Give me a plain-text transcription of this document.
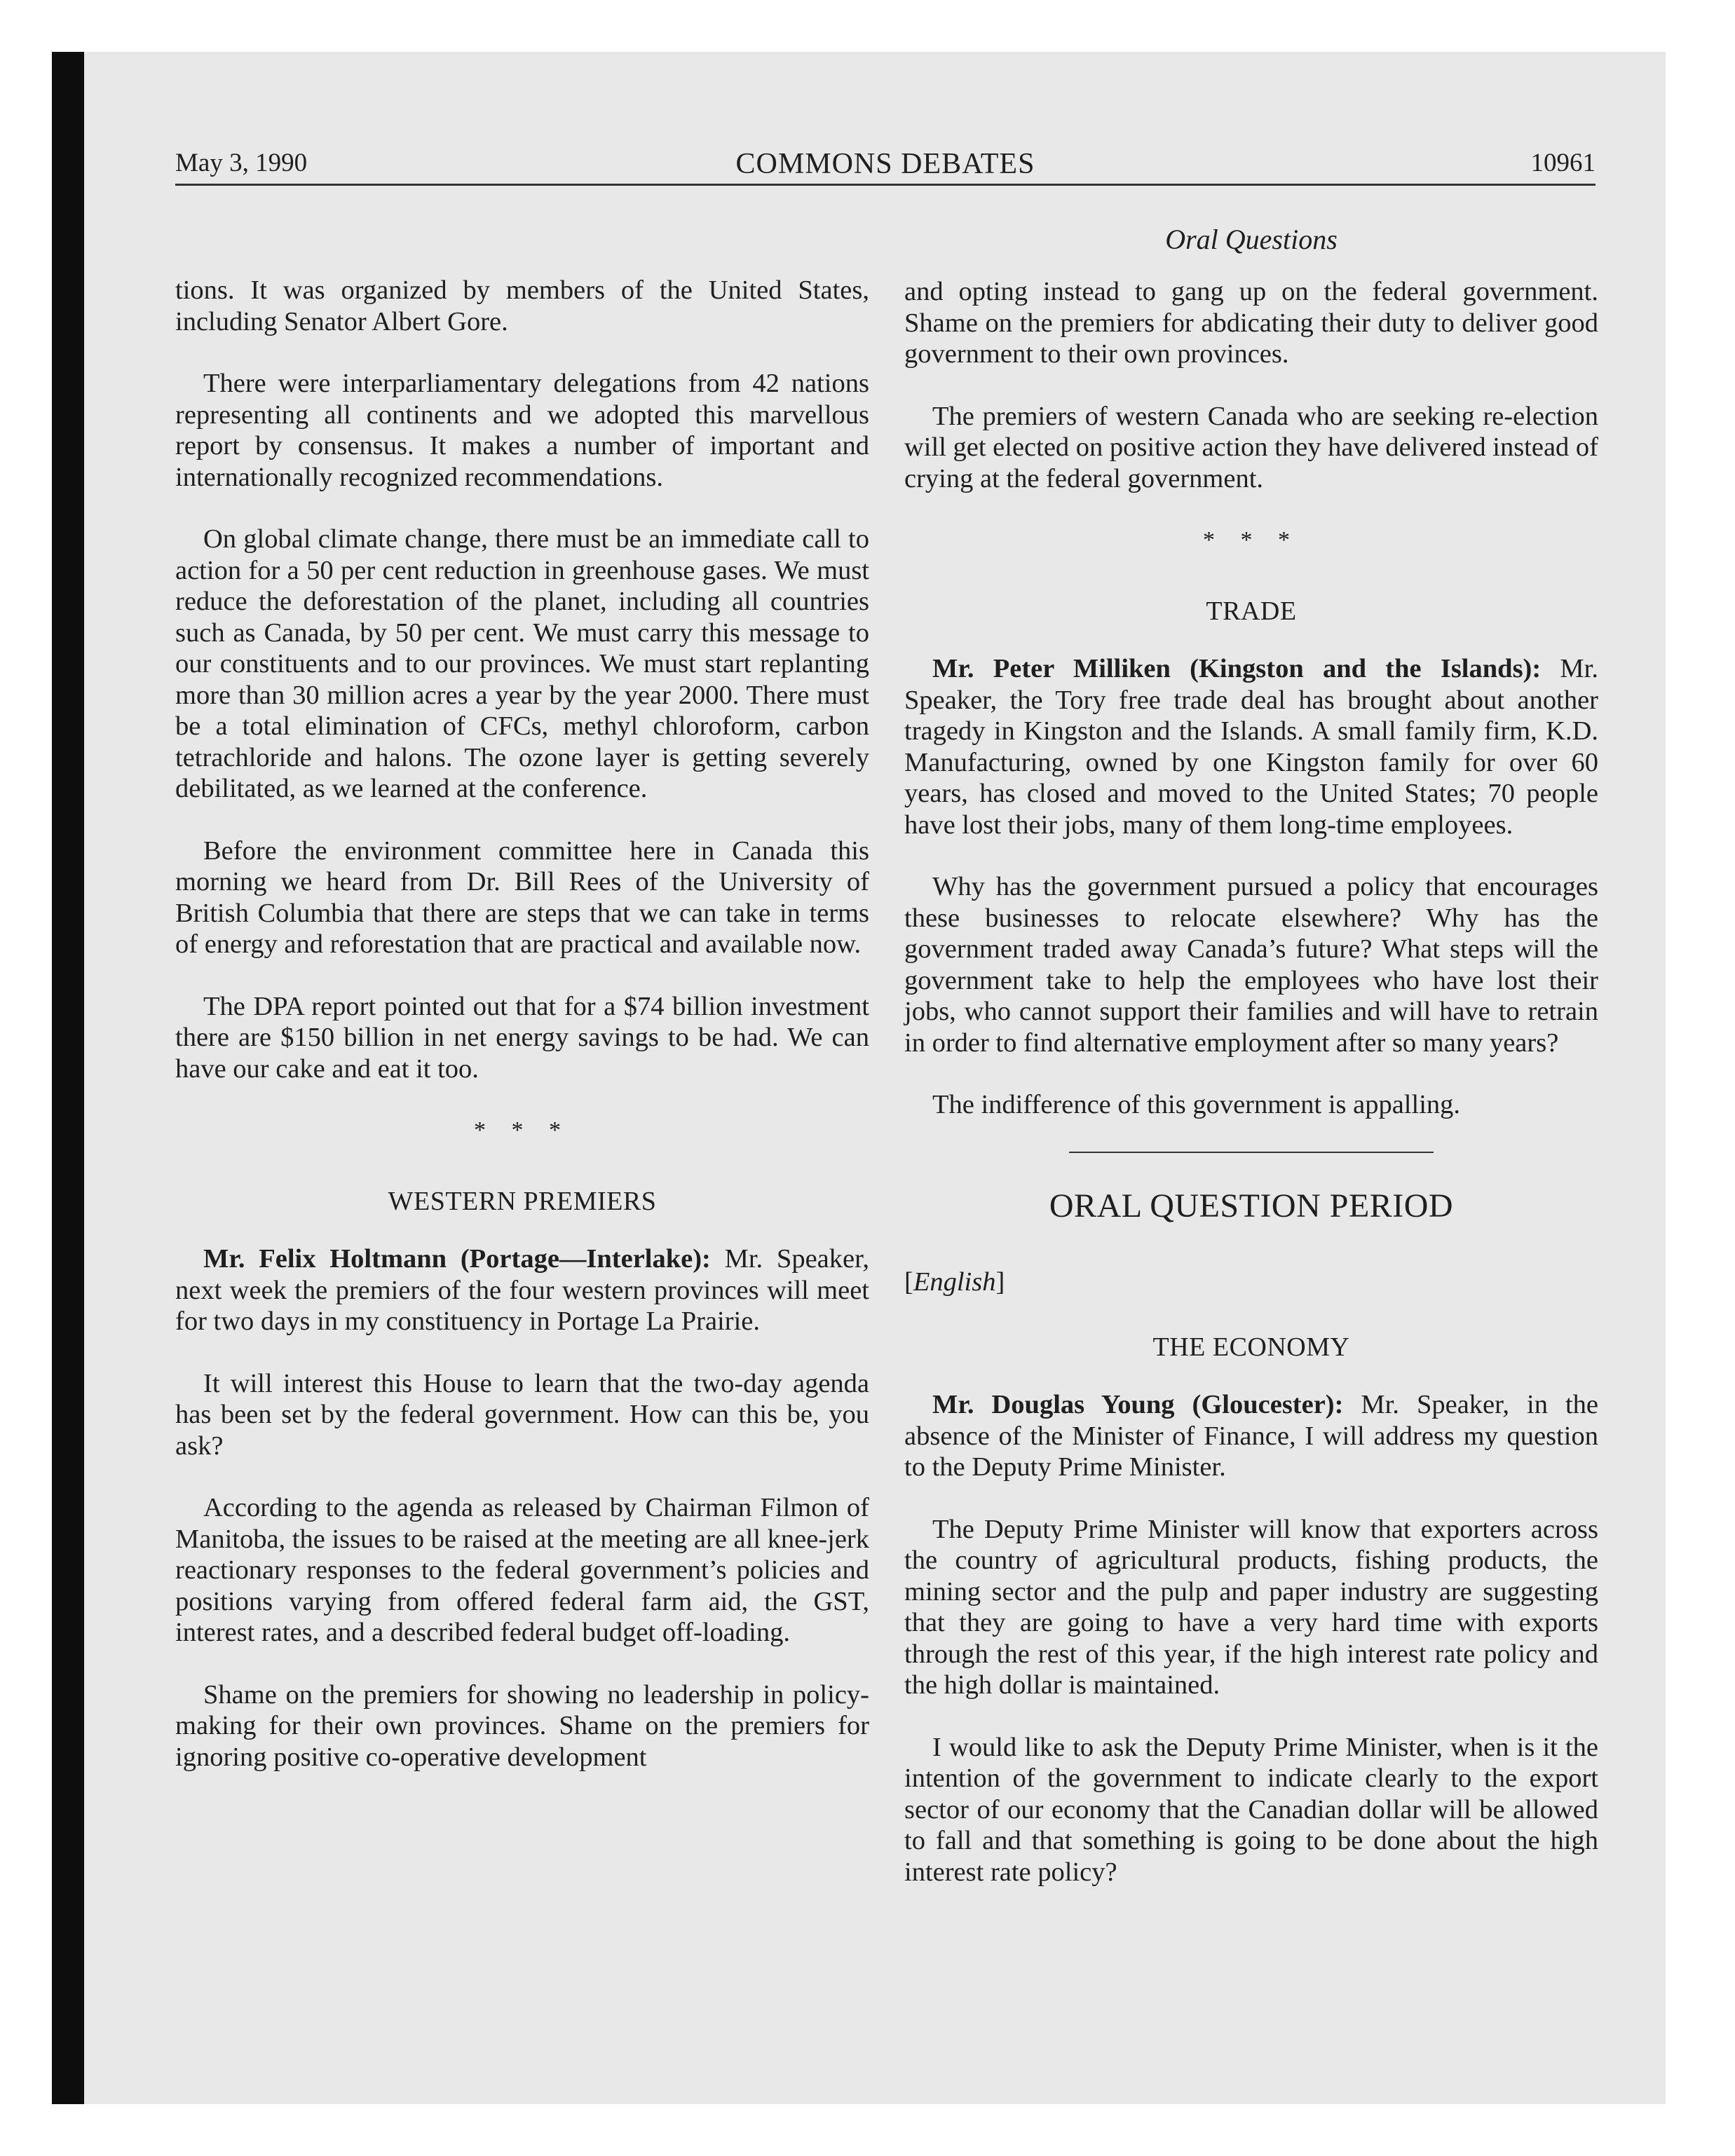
May 3, 1990	COMMONS DEBATES	10961
Oral Questions

tions. It was organized by members of the United States, including Senator Albert Gore.

There were interparliamentary delegations from 42 nations representing all continents and we adopted this marvellous report by consensus. It makes a number of important and internationally recognized recommendations.

On global climate change, there must be an immediate call to action for a 50 per cent reduction in greenhouse gases. We must reduce the deforestation of the planet, including all countries such as Canada, by 50 per cent. We must carry this message to our constituents and to our provinces. We must start replanting more than 30 million acres a year by the year 2000. There must be a total elimination of CFCs, methyl chloroform, carbon tetrachloride and halons. The ozone layer is getting severely debilitated, as we learned at the conference.

Before the environment committee here in Canada this morning we heard from Dr. Bill Rees of the University of British Columbia that there are steps that we can take in terms of energy and reforestation that are practical and available now.

The DPA report pointed out that for a $74 billion investment there are $150 billion in net energy savings to be had. We can have our cake and eat it too.

* * *
WESTERN PREMIERS

Mr. Felix Holtmann (Portage—Interlake): Mr. Speaker, next week the premiers of the four western provinces will meet for two days in my constituency in Portage La Prairie.

It will interest this House to learn that the two-day agenda has been set by the federal government. How can this be, you ask?

According to the agenda as released by Chairman Filmon of Manitoba, the issues to be raised at the meeting are all knee-jerk reactionary responses to the federal government’s policies and positions varying from offered federal farm aid, the GST, interest rates, and a described federal budget off-loading.

Shame on the premiers for showing no leadership in policy-making for their own provinces. Shame on the premiers for ignoring positive co-operative development

and opting instead to gang up on the federal government. Shame on the premiers for abdicating their duty to deliver good government to their own provinces.

The premiers of western Canada who are seeking re-election will get elected on positive action they have delivered instead of crying at the federal government.

* * *
TRADE

Mr. Peter Milliken (Kingston and the Islands): Mr. Speaker, the Tory free trade deal has brought about another tragedy in Kingston and the Islands. A small family firm, K.D. Manufacturing, owned by one Kingston family for over 60 years, has closed and moved to the United States; 70 people have lost their jobs, many of them long-time employees.

Why has the government pursued a policy that encourages these businesses to relocate elsewhere? Why has the government traded away Canada’s future? What steps will the government take to help the employees who have lost their jobs, who cannot support their families and will have to retrain in order to find alternative employment after so many years?

The indifference of this government is appalling.

ORAL QUESTION PERIOD

[English]

THE ECONOMY

Mr. Douglas Young (Gloucester): Mr. Speaker, in the absence of the Minister of Finance, I will address my question to the Deputy Prime Minister.

The Deputy Prime Minister will know that exporters across the country of agricultural products, fishing products, the mining sector and the pulp and paper industry are suggesting that they are going to have a very hard time with exports through the rest of this year, if the high interest rate policy and the high dollar is maintained.

I would like to ask the Deputy Prime Minister, when is it the intention of the government to indicate clearly to the export sector of our economy that the Canadian dollar will be allowed to fall and that something is going to be done about the high interest rate policy?
